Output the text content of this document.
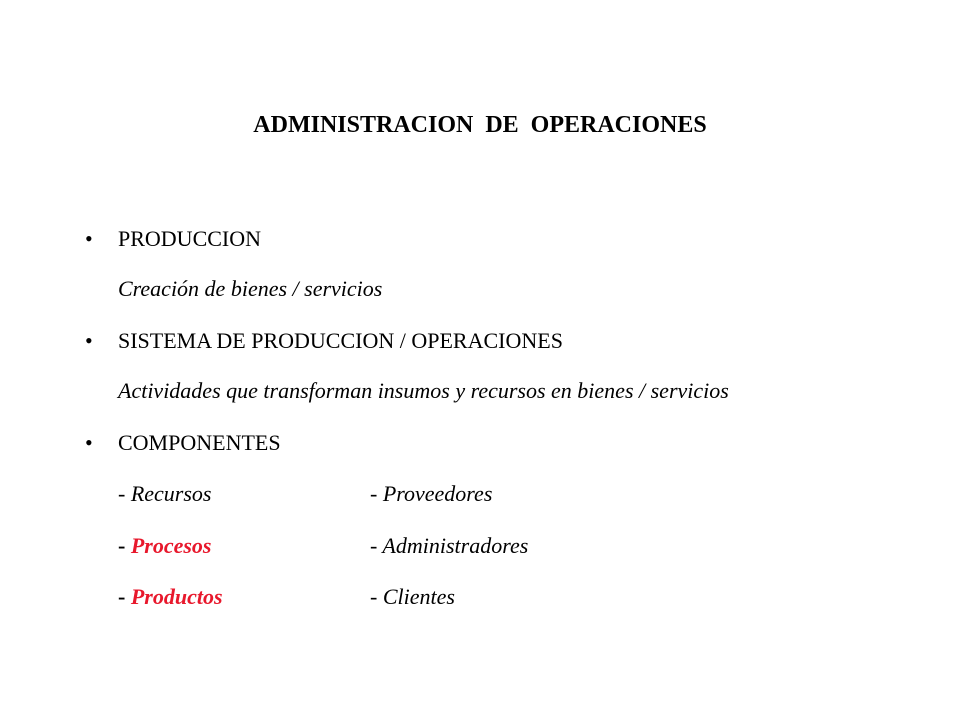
ADMINISTRACION  DE  OPERACIONES
• PRODUCCION
Creación de bienes / servicios
• SISTEMA DE PRODUCCION / OPERACIONES
Actividades que transforman insumos y recursos en bienes / servicios
• COMPONENTES
- Recursos	- Proveedores
- Procesos	- Administradores
- Productos	- Clientes
